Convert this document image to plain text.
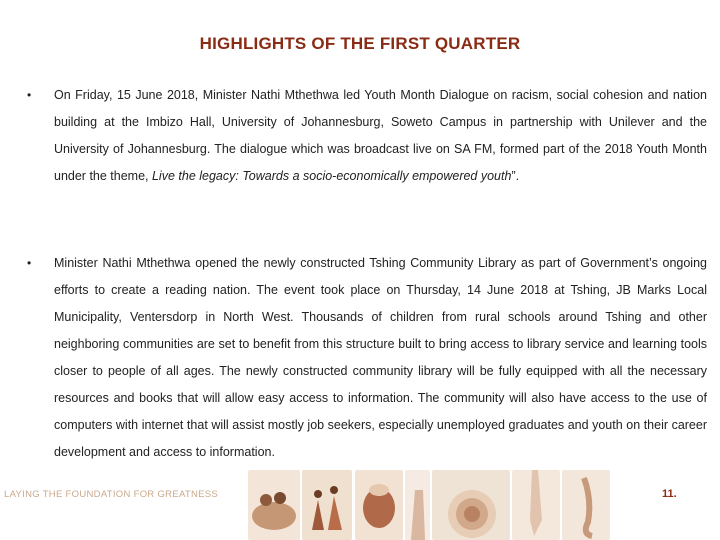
HIGHLIGHTS OF THE FIRST QUARTER
• On Friday, 15 June 2018, Minister Nathi Mthethwa led Youth Month Dialogue on racism, social cohesion and nation building at the Imbizo Hall, University of Johannesburg, Soweto Campus in partnership with Unilever and the University of Johannesburg. The dialogue which was broadcast live on SA FM, formed part of the 2018 Youth Month under the theme, Live the legacy: Towards a socio-economically empowered youth”.
• Minister Nathi Mthethwa opened the newly constructed Tshing Community Library as part of Government’s ongoing efforts to create a reading nation. The event took place on Thursday, 14 June 2018 at Tshing, JB Marks Local Municipality, Ventersdorp in North West. Thousands of children from rural schools around Tshing and other neighboring communities are set to benefit from this structure built to bring access to library service and learning tools closer to people of all ages. The newly constructed community library will be fully equipped with all the necessary resources and books that will allow easy access to information. The community will also have access to the use of computers with internet that will assist mostly job seekers, especially unemployed graduates and youth on their career development and access to information.
LAYING THE FOUNDATION FOR GREATNESS	11.
